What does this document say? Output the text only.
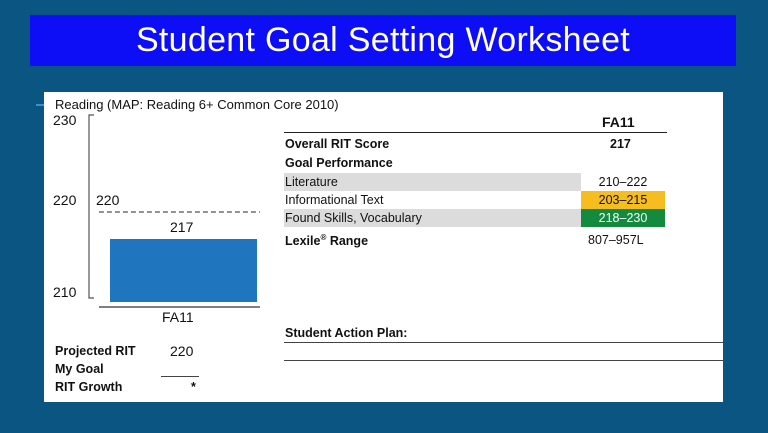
Student Goal Setting Worksheet
Reading (MAP: Reading 6+ Common Core 2010)
230
220
210
220
217
FA11
Projected RIT 220
My Goal
RIT Growth	*
FA11
Overall RIT Score	217
Goal Performance
Literature	210–222
Informational Text	203–215
Found Skills, Vocabulary	218–230
Lexile® Range	807–957L
Student Action Plan:
